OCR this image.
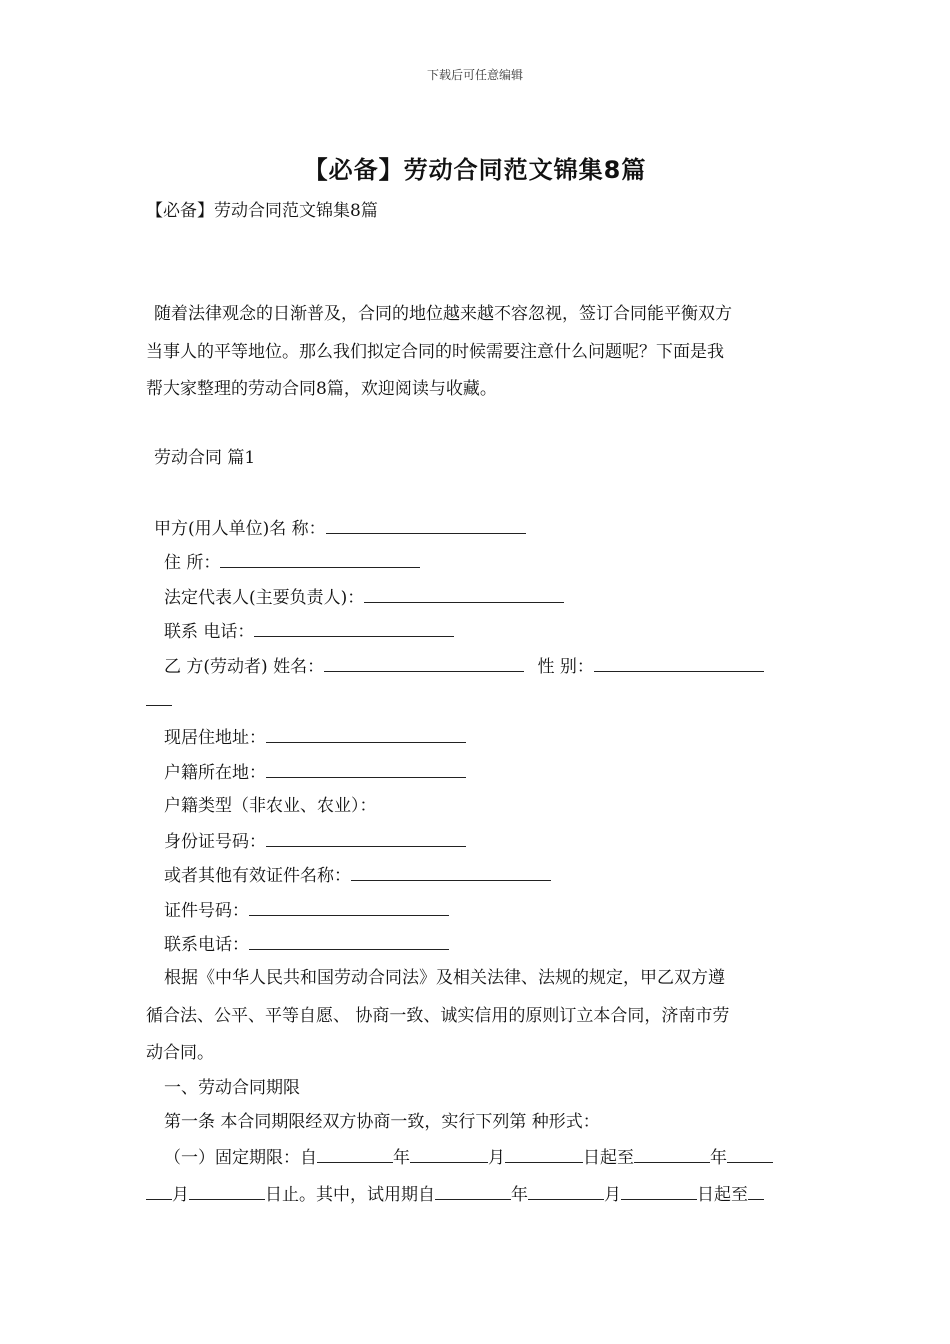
下载后可任意编辑
【必备】劳动合同范文锦集8篇
【必备】劳动合同范文锦集8篇
随着法律观念的日渐普及，合同的地位越来越不容忽视，签订合同能平衡双方
当事人的平等地位。那么我们拟定合同的时候需要注意什么问题呢？下面是我
帮大家整理的劳动合同8篇，欢迎阅读与收藏。
劳动合同 篇1
甲方(用人单位)名 称：
住 所：
法定代表人(主要负责人)：
联系 电话：
乙 方(劳动者) 姓名：	性 别：
现居住地址：
户籍所在地：
户籍类型（非农业、农业）：
身份证号码：
或者其他有效证件名称：
证件号码：
联系电话：
根据《中华人民共和国劳动合同法》及相关法律、法规的规定，甲乙双方遵
循合法、公平、平等自愿、 协商一致、诚实信用的原则订立本合同，济南市劳
动合同。
一、劳动合同期限
第一条 本合同期限经双方协商一致，实行下列第 种形式：
（一）固定期限：自	年	月	日起至	年
月	日止。其中，试用期自	年	月	日起至
